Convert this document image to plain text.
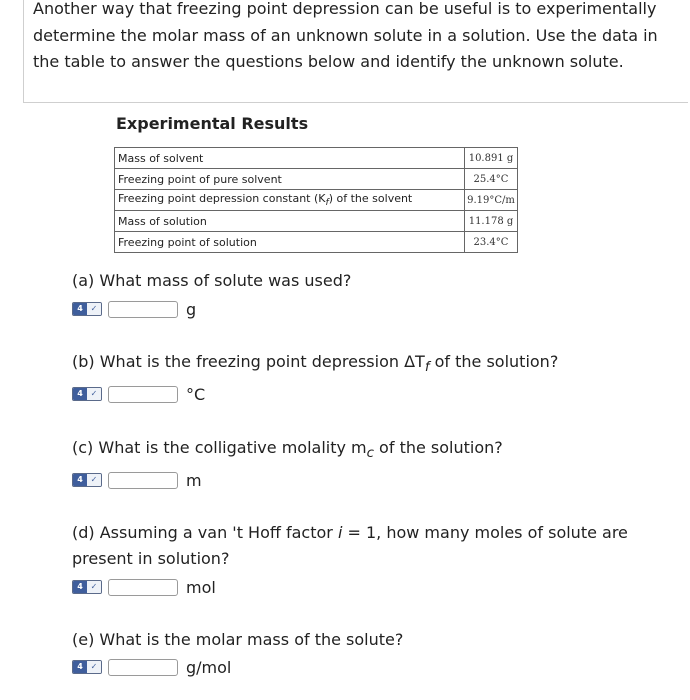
Another way that freezing point depression can be useful is to experimentally determine the molar mass of an unknown solute in a solution. Use the data in the table to answer the questions below and identify the unknown solute.

Experimental Results

Mass of solvent	10.891 g
Freezing point of pure solvent	25.4°C
Freezing point depression constant $(K_f)$ of the solvent	9.19°C/m
Mass of solution	11.178 g
Freezing point of solution	23.4°C

(a) What mass of solute was used?

4 ✓	g

(b) What is the freezing point depression $\Delta T_f$ of the solution?

4 ✓	°C

(c) What is the colligative molality $m_c$ of the solution?

4 ✓	m

(d) Assuming a van 't Hoff factor i = 1, how many moles of solute are present in solution?

4 ✓	mol

(e) What is the molar mass of the solute?

4 ✓	g/mol
